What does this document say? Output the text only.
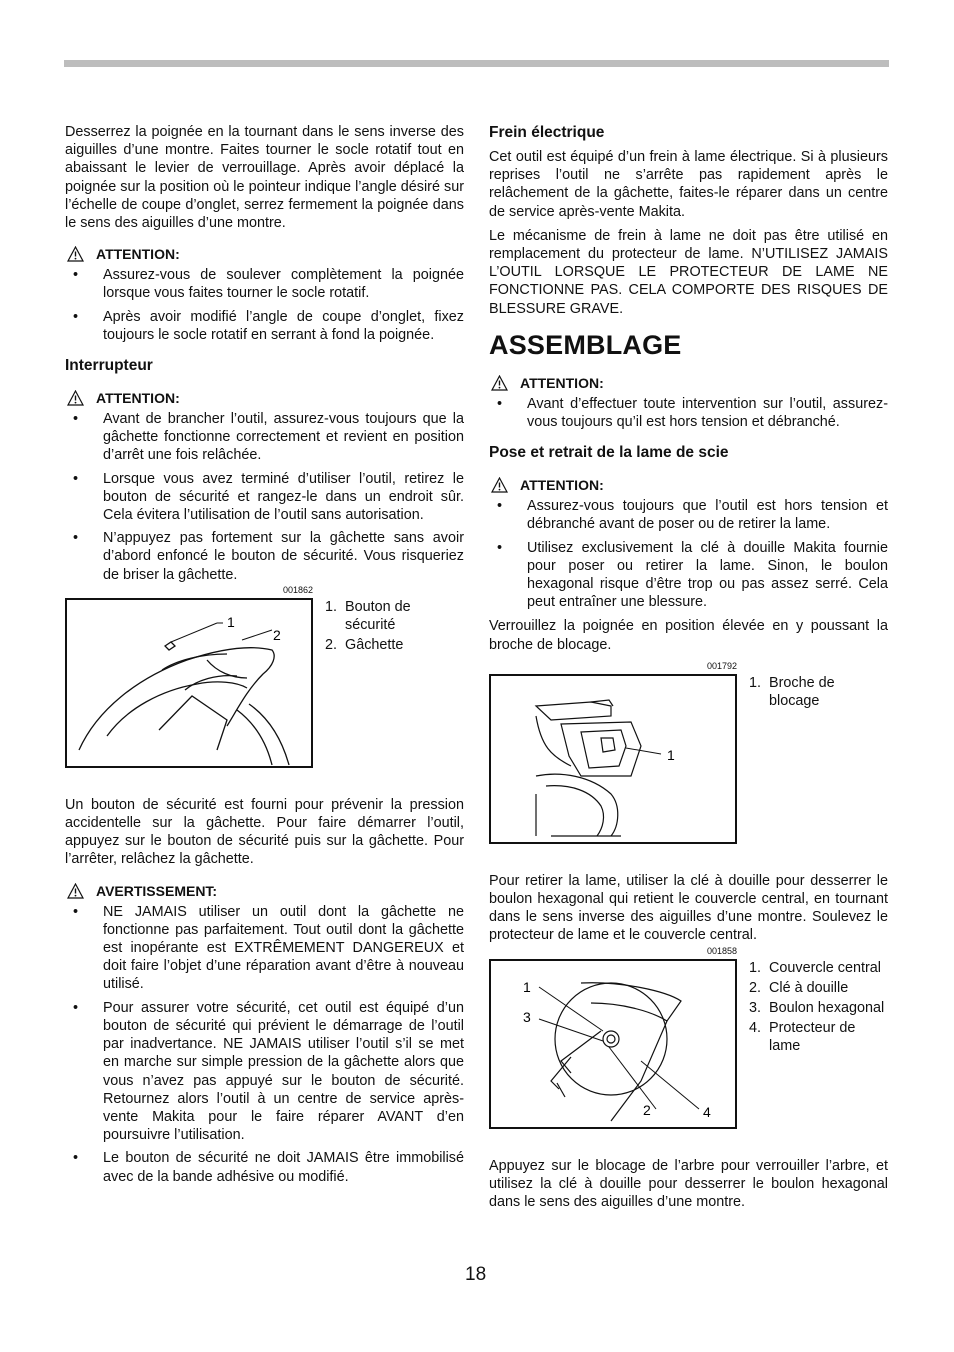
Desserrez la poignée en la tournant dans le sens inverse des aiguilles d’une montre. Faites tourner le socle rotatif tout en abaissant le levier de verrouillage. Après avoir déplacé la poignée sur la position où le pointeur indique l’angle désiré sur l’échelle de coupe d’onglet, serrez fermement la poignée dans le sens des aiguilles d’une montre.

ATTENTION:
• Assurez-vous de soulever complètement la poignée lorsque vous faites tourner le socle rotatif.
• Après avoir modifié l’angle de coupe d’onglet, fixez toujours le socle rotatif en serrant à fond la poignée.
Interrupteur
ATTENTION:
• Avant de brancher l’outil, assurez-vous toujours que la gâchette fonctionne correctement et revient en position d’arrêt une fois relâchée.
• Lorsque vous avez terminé d’utiliser l’outil, retirez le bouton de sécurité et rangez-le dans un endroit sûr. Cela évitera l’utilisation de l’outil sans autorisation.
• N’appuyez pas fortement sur la gâchette sans avoir d’abord enfoncé le bouton de sécurité. Vous risqueriez de briser la gâchette.
001862
1
2
1. Bouton de sécurité
2. Gâchette

Un bouton de sécurité est fourni pour prévenir la pression accidentelle sur la gâchette. Pour faire démarrer l’outil, appuyez sur le bouton de sécurité puis sur la gâchette. Pour l’arrêter, relâchez la gâchette.

AVERTISSEMENT:
• NE JAMAIS utiliser un outil dont la gâchette ne fonctionne pas parfaitement. Tout outil dont la gâchette est inopérante est EXTRÊMEMENT DANGEREUX et doit faire l’objet d’une réparation avant d’être à nouveau utilisé.
• Pour assurer votre sécurité, cet outil est équipé d’un bouton de sécurité qui prévient le démarrage de l’outil par inadvertance. NE JAMAIS utiliser l’outil s’il se met en marche sur simple pression de la gâchette alors que vous n’avez pas appuyé sur le bouton de sécurité. Retournez alors l’outil à un centre de service après-vente Makita pour le faire réparer AVANT d’en poursuivre l’utilisation.
• Le bouton de sécurité ne doit JAMAIS être immobilisé avec de la bande adhésive ou modifié.
Frein électrique

Cet outil est équipé d’un frein à lame électrique. Si à plusieurs reprises l’outil ne s’arrête pas rapidement après le relâchement de la gâchette, faites-le réparer dans un centre de service après-vente Makita.

Le mécanisme de frein à lame ne doit pas être utilisé en remplacement du protecteur de lame. N’UTILISEZ JAMAIS L’OUTIL LORSQUE LE PROTECTEUR DE LAME NE FONCTIONNE PAS. CELA COMPORTE DES RISQUES DE BLESSURE GRAVE.

ASSEMBLAGE
ATTENTION:
• Avant d’effectuer toute intervention sur l’outil, assurez-vous toujours qu’il est hors tension et débranché.
Pose et retrait de la lame de scie
ATTENTION:
• Assurez-vous toujours que l’outil est hors tension et débranché avant de poser ou de retirer la lame.
• Utilisez exclusivement la clé à douille Makita fournie pour poser ou retirer la lame. Sinon, le boulon hexagonal risque d’être trop ou pas assez serré. Cela peut entraîner une blessure.

Verrouillez la poignée en position élevée en y poussant la broche de blocage.

001792
1
1. Broche de blocage

Pour retirer la lame, utiliser la clé à douille pour desserrer le boulon hexagonal qui retient le couvercle central, en tournant dans le sens inverse des aiguilles d’une montre. Soulevez le protecteur de lame et le couvercle central.

001858
1
3
2	4
1. Couvercle central
2. Clé à douille
3. Boulon hexagonal
4. Protecteur de lame

Appuyez sur le blocage de l’arbre pour verrouiller l’arbre, et utilisez la clé à douille pour desserrer le boulon hexagonal dans le sens des aiguilles d’une montre.

18
